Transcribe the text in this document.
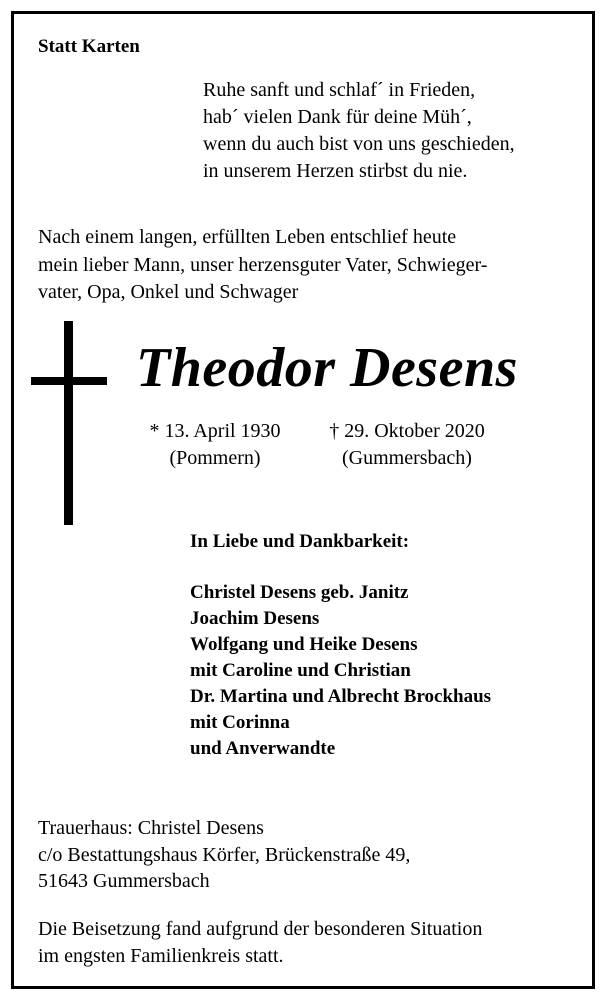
Statt Karten
Ruhe sanft und schlaf´ in Frieden,
hab´ vielen Dank für deine Müh´,
wenn du auch bist von uns geschieden,
in unserem Herzen stirbst du nie.
Nach einem langen, erfüllten Leben entschlief heute
mein lieber Mann, unser herzensguter Vater, Schwieger-
vater, Opa, Onkel und Schwager
Theodor Desens
* 13. April 1930
(Pommern)
† 29. Oktober 2020
(Gummersbach)
In Liebe und Dankbarkeit:
Christel Desens geb. Janitz
Joachim Desens
Wolfgang und Heike Desens
mit Caroline und Christian
Dr. Martina und Albrecht Brockhaus
mit Corinna
und Anverwandte
Trauerhaus: Christel Desens
c/o Bestattungshaus Körfer, Brückenstraße 49,
51643 Gummersbach
Die Beisetzung fand aufgrund der besonderen Situation
im engsten Familienkreis statt.
